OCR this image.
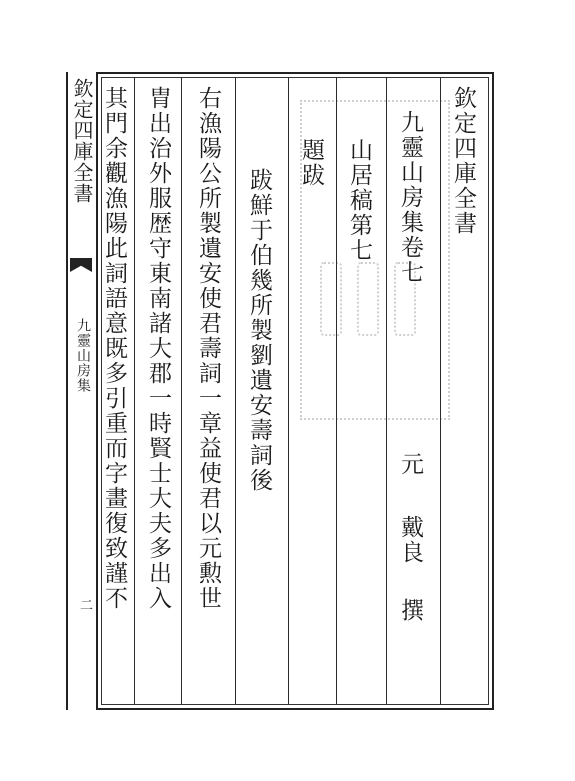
欽定四庫全書
九靈山房集
二
欽定四庫全書
九靈山房集卷七
山居稿第七
元
戴良
撰
題跋
跋鮮于伯幾所製劉遺安壽詞後
右漁陽公所製遺安使君壽詞一章益使君以元勲世
胄出治外服歴守東南諸大郡一時賢士大夫多出入
其門余觀漁陽此詞語意既多引重而字畫復致謹不
